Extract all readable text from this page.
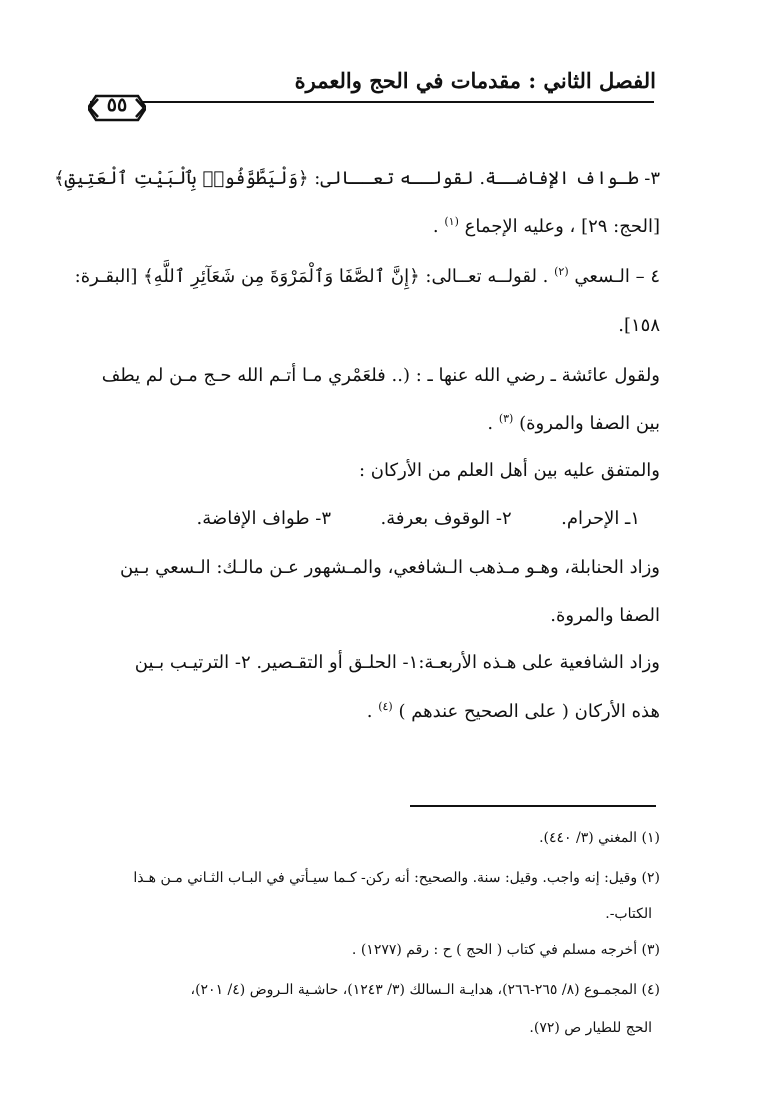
الفصل الثاني : مقدمات في الحج والعمرة
٥٥
٣- طـواف الإفاضــة. لقولــه تعــالى: ﴿وَلْيَطَّوَّفُوا۟ بِٱلْبَيْتِ ٱلْعَتِيقِ﴾
[الحج: ٢٩] ، وعليه الإجماع $^{(١)}$ .
٤ – الـسعي $^{(٢)}$ . لقولــه تعــالى: ﴿إِنَّ ٱلصَّفَا وَٱلْمَرْوَةَ مِن شَعَآئِرِ ٱللَّهِ﴾ [البقـرة:
١٥٨].
ولقول عائشة ـ رضي الله عنها ـ : (.. فلعَمْري مـا أتـم الله حـج مـن لم يطف
بين الصفا والمروة) $^{(٣)}$ .
والمتفق عليه بين أهل العلم من الأركان :
١ـ الإحرام.  ٢- الوقوف بعرفة.  ٣- طواف الإفاضة.
وزاد الحنابلة، وهـو مـذهب الـشافعي، والمـشهور عـن مالـك: الـسعي بـين
الصفا والمروة.
وزاد الشافعية على هـذه الأربعـة:١- الحلـق أو التقـصير. ٢- الترتيـب بـين
هذه الأركان ( على الصحيح عندهم ) $^{(٤)}$ .
(١) المغني (٣/ ٤٤٠).
(٢) وقيل: إنه واجب. وقيل: سنة. والصحيح: أنه ركن- كـما سيـأتي في البـاب الثـاني مـن هـذا
الكتاب-.
(٣) أخرجه مسلم في كتاب ( الحج ) ح : رقم (١٢٧٧) .
(٤) المجمـوع (٨/ ٢٦٥-٢٦٦)، هدايـة الـسالك (٣/ ١٢٤٣)، حاشـية الـروض (٤/ ٢٠١)،
الحج للطيار ص (٧٢).
